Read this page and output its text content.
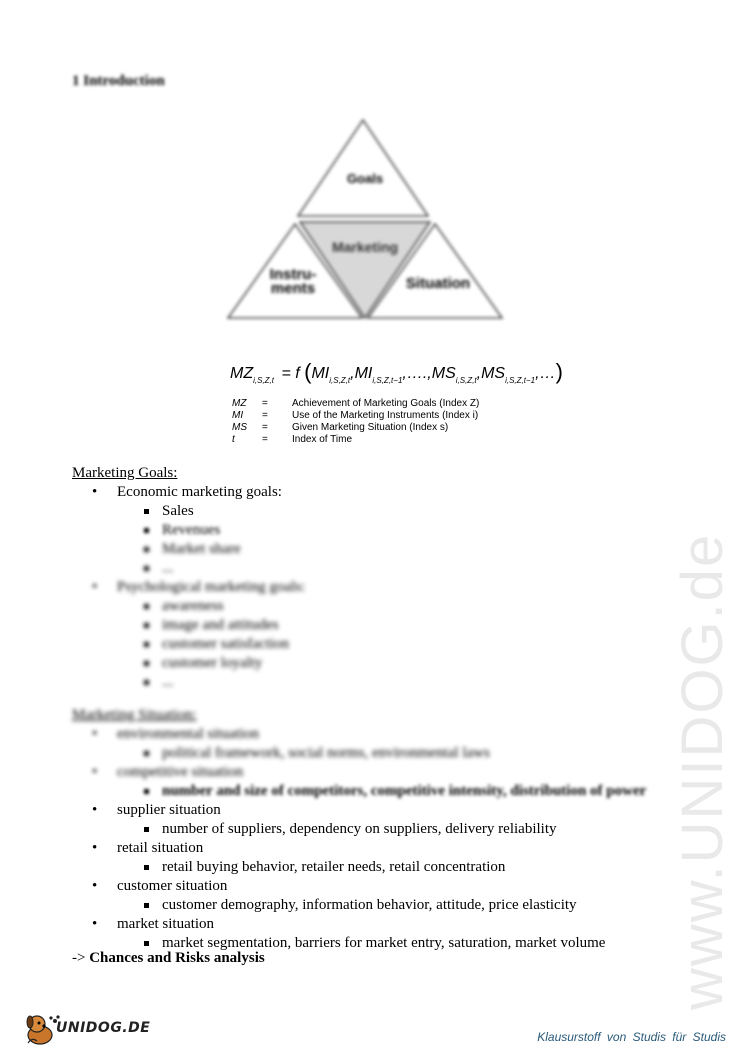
1 Introduction
Goals
Marketing
Instru-
ments	Situation
$MZ_{i,S,Z,t} = f$ $(MI_{i,S,Z,t},MI_{i,S,Z,t-1},\dots.,MS_{i,S,Z,t},MS_{i,S,Z,t-1},\dots)$
MZ	=	Achievement of Marketing Goals (Index Z)
MI	=	Use of the Marketing Instruments (Index i)
MS	=	Given Marketing Situation (Index s)
t	=	Index of Time
Marketing Goals:
• Economic marketing goals:
Sales
Revenues
Market share
...
• Psychological marketing goals:
awareness
image and attitudes
customer satisfaction
customer loyalty
...
Marketing Situation:
• environmental situation
political framework, social norms, environmental laws
• competitive situation
number and size of competitors, competitive intensity, distribution of power
• supplier situation
number of suppliers, dependency on suppliers, delivery reliability
• retail situation
retail buying behavior, retailer needs, retail concentration
• customer situation
customer demography, information behavior, attitude, price elasticity
• market situation
market segmentation, barriers for market entry, saturation, market volume
-> Chances and Risks analysis	www.UNIDOG.de
UNIDOG.DE
Klausurstoff von Studis für Studis
